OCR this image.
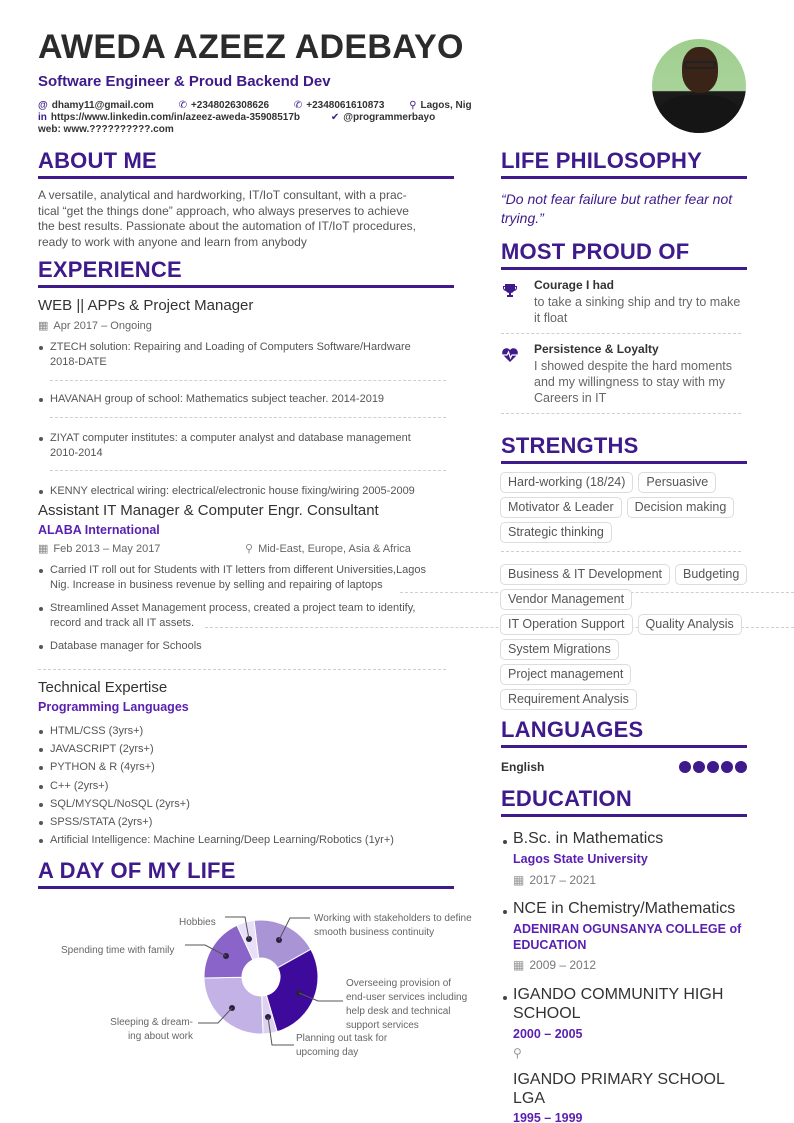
AWEDA AZEEZ ADEBAYO
Software Engineer & Proud Backend Dev
@ dhamy11@gmail.com ✆ +2348026308626 ✆ +2348061610873 ⚲ Lagos, Nig
in https://www.linkedin.com/in/azeez-aweda-35908517b	✔ @programmerbayo
web: www.??????????.com
ABOUT ME
A versatile, analytical and hardworking, IT/IoT consultant, with a prac-
tical “get the things done” approach, who always preserves to achieve
the best results. Passionate about the automation of IT/IoT procedures,
ready to work with anyone and learn from anybody
EXPERIENCE
WEB || APPs & Project Manager
▦ Apr 2017 – Ongoing
ZTECH solution: Repairing and Loading of Computers Software/Hardware
2018-DATE
HAVANAH group of school: Mathematics subject teacher. 2014-2019
ZIYAT computer institutes: a computer analyst and database management
2010-2014
KENNY electrical wiring: electrical/electronic house fixing/wiring 2005-2009
Assistant IT Manager & Computer Engr. Consultant
ALABA International
▦ Feb 2013 – May 2017	⚲ Mid-East, Europe, Asia & Africa
Carried IT roll out for Students with IT letters from different Universities,Lagos
Nig. Increase in business revenue by selling and repairing of laptops
Streamlined Asset Management process, created a project team to identify,
record and track all IT assets.
Database manager for Schools
Technical Expertise
Programming Languages
HTML/CSS (3yrs+)
JAVASCRIPT (2yrs+)
PYTHON & R (4yrs+)
C++ (2yrs+)
SQL/MYSQL/NoSQL (2yrs+)
SPSS/STATA (2yrs+)
Artificial Intelligence: Machine Learning/Deep Learning/Robotics (1yr+)
A DAY OF MY LIFE
Working with stakeholders to define
smooth business continuity
Overseeing provision of
end-user services including
help desk and technical
support services
Planning out task for
upcoming day
Sleeping & dream-
ing about work
Spending time with family
Hobbies
LIFE PHILOSOPHY
“Do not fear failure but rather fear not trying.”
MOST PROUD OF
Courage I had
to take a sinking ship and try to make it float
Persistence & Loyalty
I showed despite the hard moments and my willingness to stay with my Careers in IT
STRENGTHS
Hard-working (18/24)	Persuasive
Motivator & Leader	Decision making
Strategic thinking
Business & IT Development	Budgeting
Vendor Management
IT Operation Support	Quality Analysis
System Migrations
Project management
Requirement Analysis
LANGUAGES
English
EDUCATION
B.Sc. in Mathematics
Lagos State University
▦ 2017 – 2021
NCE in Chemistry/Mathematics
ADENIRAN OGUNSANYA COLLEGE of EDUCATION
▦ 2009 – 2012
IGANDO COMMUNITY HIGH SCHOOL
2000 – 2005
⚲
IGANDO PRIMARY SCHOOL LGA
1995 – 1999
